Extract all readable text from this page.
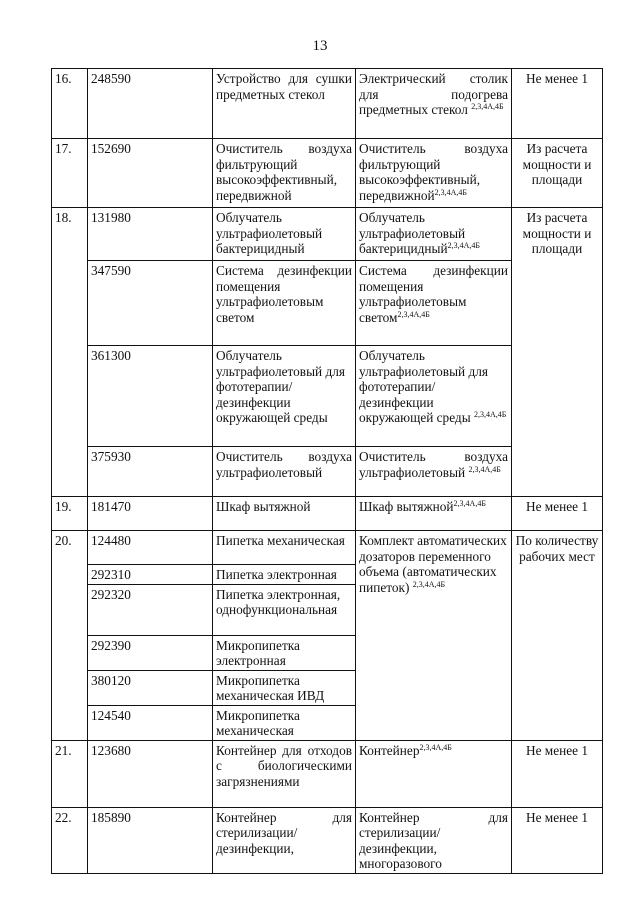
13
16.	248590	Устройство для сушки предметных стекол	Электрический столик для подогрева предметных стекол $^{2,3,4А,4Б}$	Не менее 1
17.	152690	Очиститель воздуха фильтрующий высокоэффективный, передвижной	Очиститель воздуха фильтрующий высокоэффективный, передвижной$^{2,3,4А,4Б}$	Из расчета мощности и площади
18.	131980	Облучатель ультрафиолетовый бактерицидный	Облучатель ультрафиолетовый бактерицидный$^{2,3,4А,4Б}$	Из расчета мощности и площади
	347590	Система дезинфекции помещения ультрафиолетовым светом	Система дезинфекции помещения ультрафиолетовым светом$^{2,3,4А,4Б}$
	361300	Облучатель ультрафиолетовый для фототерапии/ дезинфекции окружающей среды	Облучатель ультрафиолетовый для фототерапии/ дезинфекции окружающей среды $^{2,3,4А,4Б}$
	375930	Очиститель воздуха ультрафиолетовый	Очиститель воздуха ультрафиолетовый $^{2,3,4А,4Б}$
19.	181470	Шкаф вытяжной	Шкаф вытяжной$^{2,3,4А,4Б}$	Не менее 1
20.	124480	Пипетка механическая	Комплект автоматических дозаторов переменного объема (автоматических пипеток) $^{2,3,4А,4Б}$	По количеству рабочих мест
	292310	Пипетка электронная		
	292320	Пипетка электронная, однофункциональная		
	292390	Микропипетка электронная		
	380120	Микропипетка механическая ИВД		
	124540	Микропипетка механическая		
21.	123680	Контейнер для отходов с биологическими загрязнениями	Контейнер$^{2,3,4А,4Б}$	Не менее 1
22.	185890	Контейнер для стерилизации/ дезинфекции,	Контейнер для стерилизации/дезинфекции, многоразового	Не менее 1
